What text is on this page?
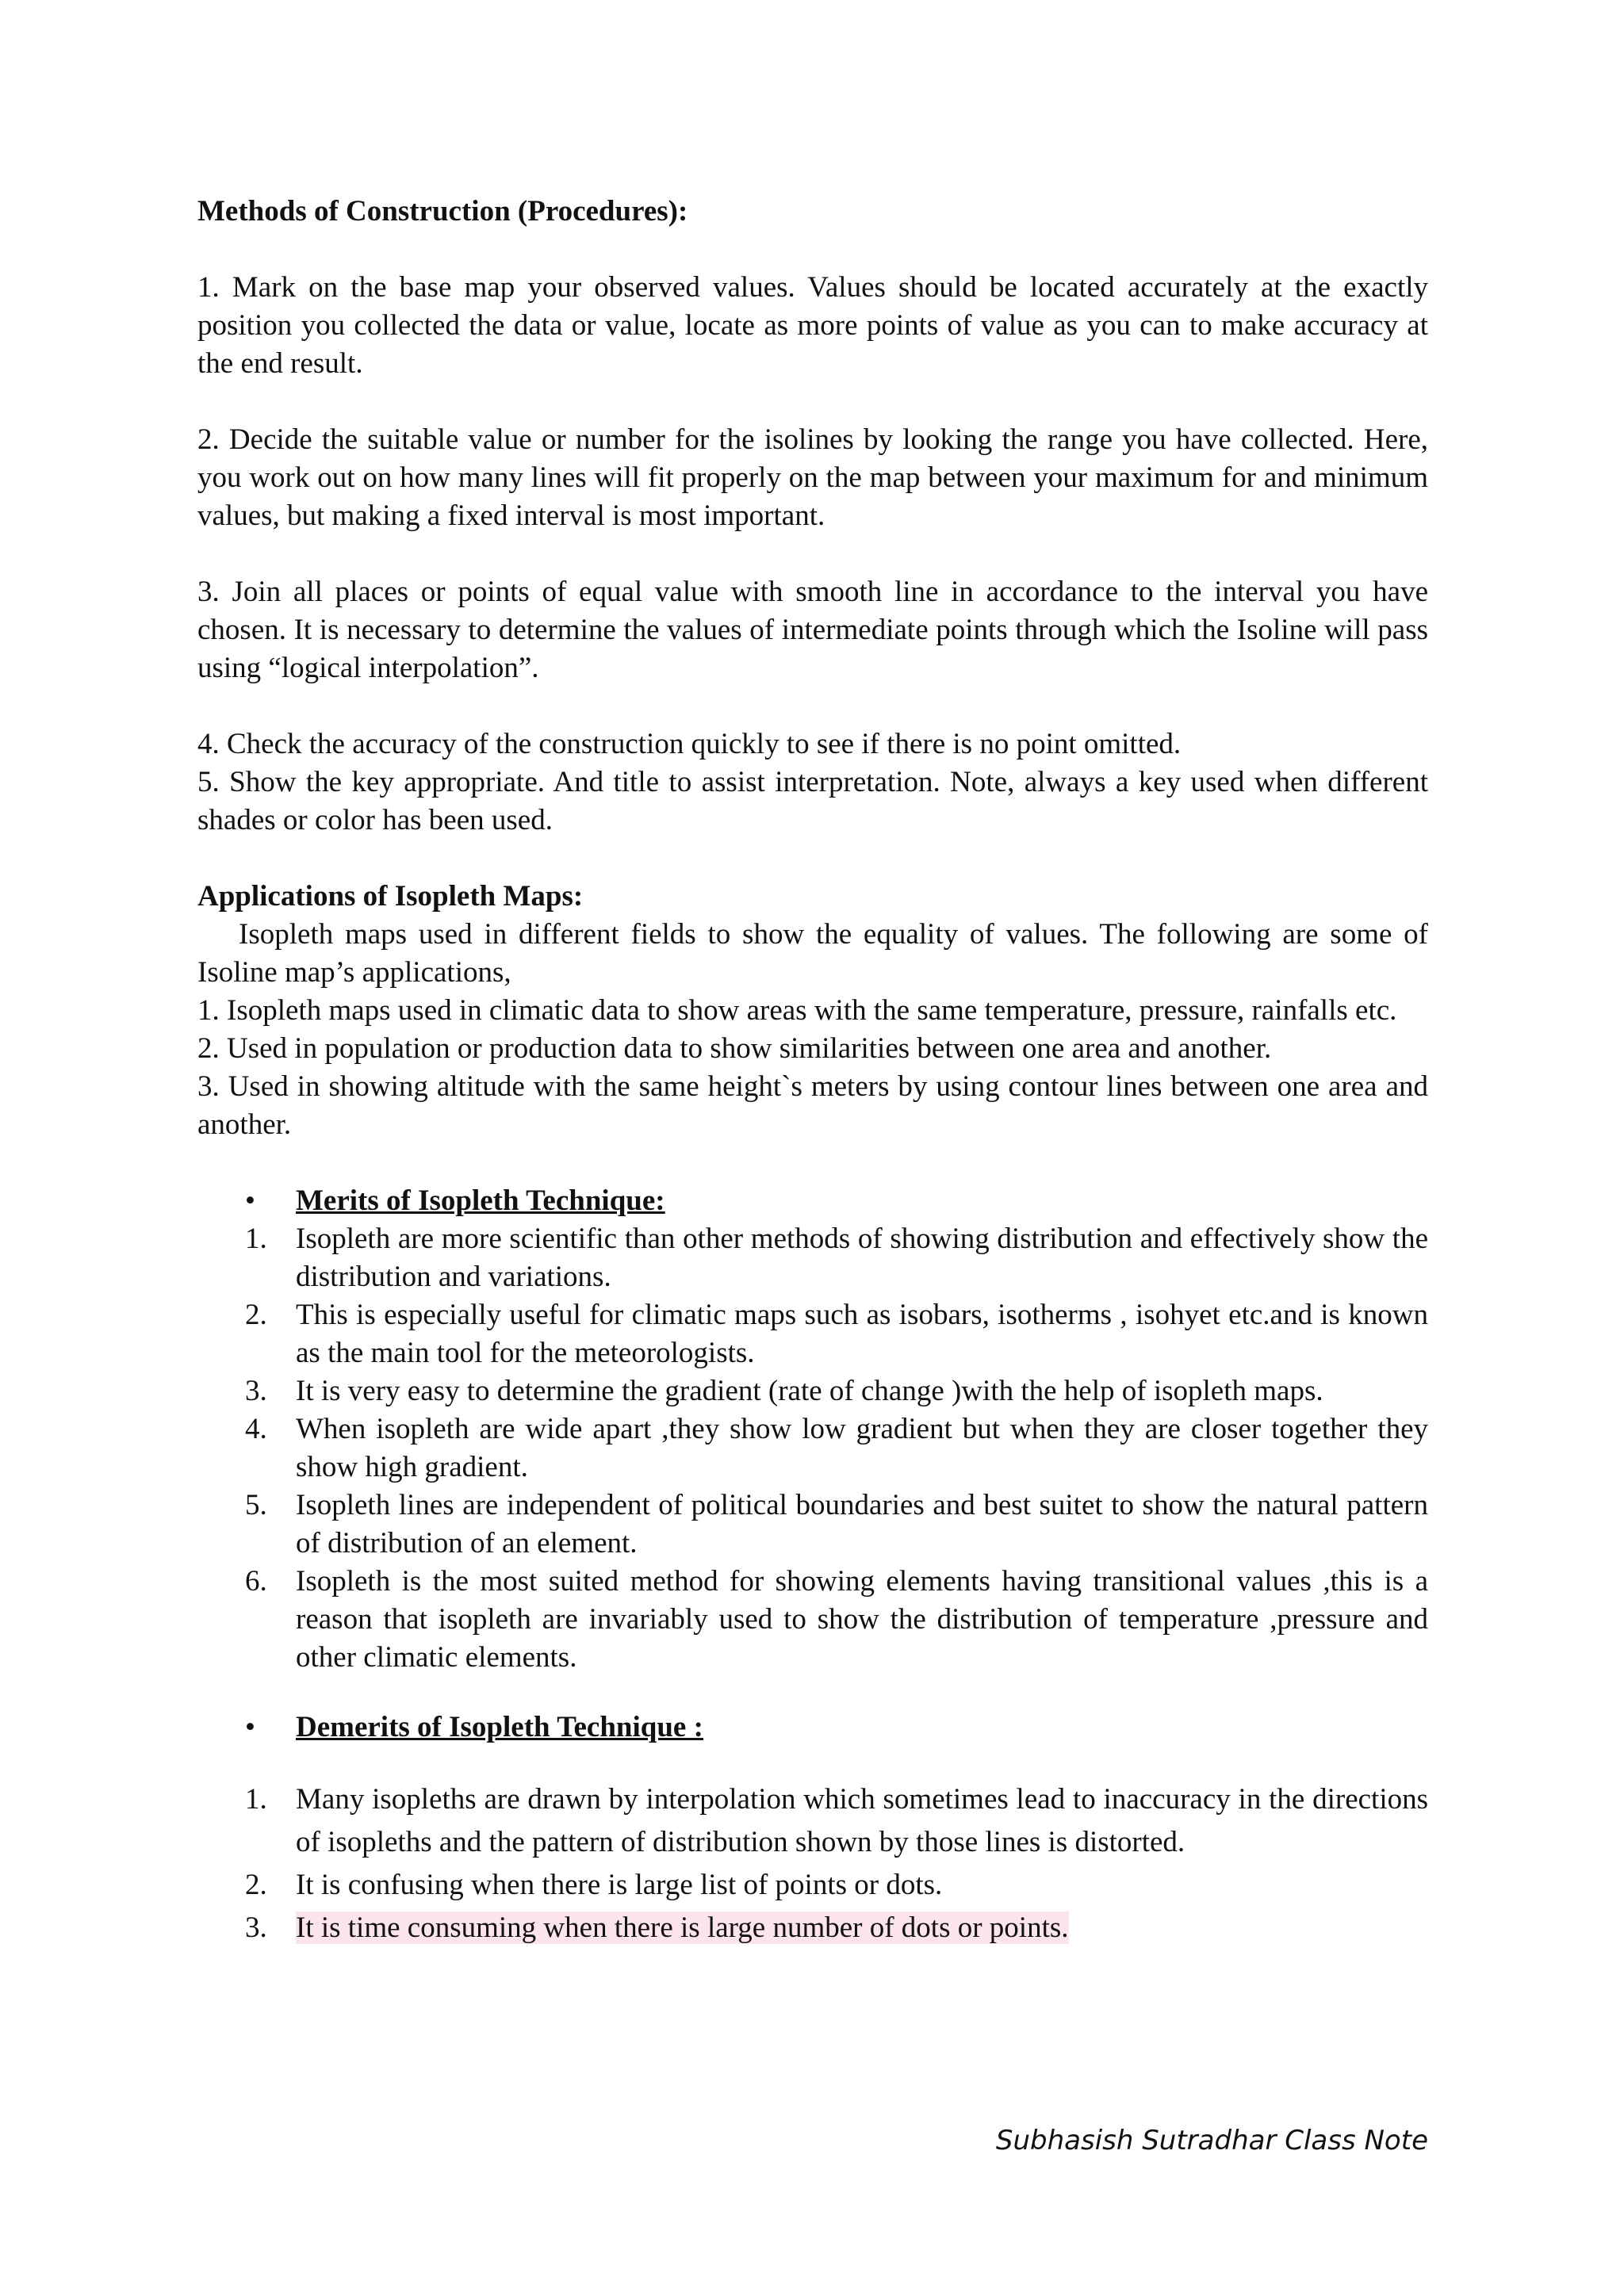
Methods of Construction (Procedures):

1. Mark on the base map your observed values. Values should be located accurately at the exactly position you collected the data or value, locate as more points of value as you can to make accuracy at the end result.

2. Decide the suitable value or number for the isolines by looking the range you have collected. Here, you work out on how many lines will fit properly on the map between your maximum for and minimum values, but making a fixed interval is most important.

3. Join all places or points of equal value with smooth line in accordance to the interval you have chosen. It is necessary to determine the values of intermediate points through which the Isoline will pass using “logical interpolation”.

4. Check the accuracy of the construction quickly to see if there is no point omitted.

5. Show the key appropriate. And title to assist interpretation. Note, always a key used when different shades or color has been used.

Applications of Isopleth Maps:

Isopleth maps used in different fields to show the equality of values. The following are some of Isoline map’s applications,

1. Isopleth maps used in climatic data to show areas with the same temperature, pressure, rainfalls etc.

2. Used in population or production data to show similarities between one area and another.

3. Used in showing altitude with the same height`s meters by using contour lines between one area and another.

• Merits of Isopleth Technique:

1. Isopleth are more scientific than other methods of showing distribution and effectively show the distribution and variations.
2. This is especially useful for climatic maps such as isobars, isotherms , isohyet etc.and is known as the main tool for the meteorologists.
3. It is very easy to determine the gradient (rate of change )with the help of isopleth maps.
4. When isopleth are wide apart ,they show low gradient but when they are closer together they show high gradient.
5. Isopleth lines are independent of political boundaries and best suitet to show the natural pattern of distribution of an element.
6. Isopleth is the most suited method for showing elements having transitional values ,this is a reason that isopleth are invariably used to show the distribution of temperature ,pressure and other climatic elements.

• Demerits of Isopleth Technique :

1. Many isopleths are drawn by interpolation which sometimes lead to inaccuracy in the directions of isopleths and the pattern of distribution shown by those lines is distorted.
2. It is confusing when there is large list of points or dots.
3. It is time consuming when there is large number of dots or points.
Subhasish Sutradhar Class Note
